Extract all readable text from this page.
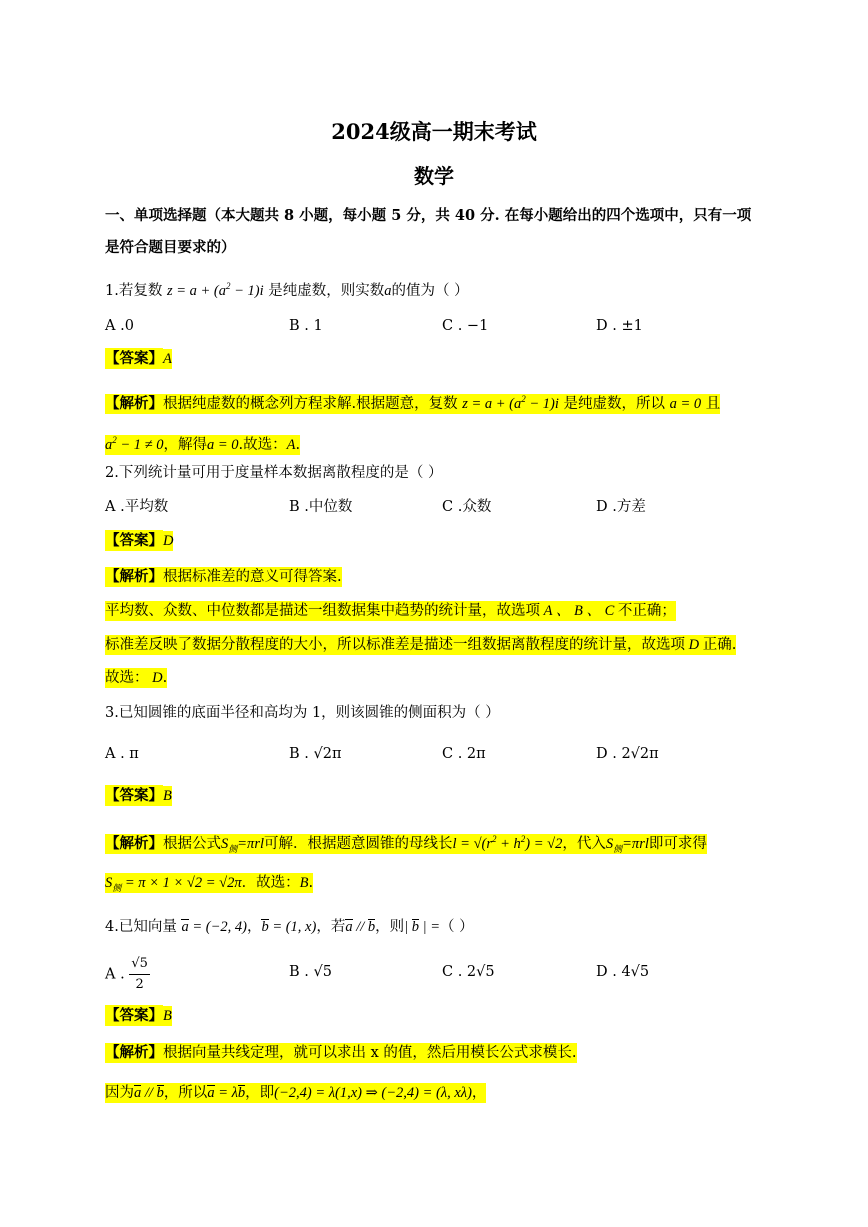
2024级高一期末考试
数学
一、单项选择题（本大题共 8 小题，每小题 5 分，共 40 分. 在每小题给出的四个选项中，只有一项
是符合题目要求的）
1.若复数 $z = a + (a^2 - 1)i$ 是纯虚数，则实数a的值为（ ）
A .0	B . 1	C . −1	D . ±1
【答案】A
【解析】根据纯虚数的概念列方程求解.根据题意，复数 $z = a + (a^2 - 1)i$ 是纯虚数，所以 a = 0 且
$a^2 - 1 \ne 0$，解得a = 0.故选：A.
2.下列统计量可用于度量样本数据离散程度的是（ ）
A .平均数	B .中位数	C .众数	D .方差
【答案】D
【解析】根据标准差的意义可得答案.
平均数、众数、中位数都是描述一组数据集中趋势的统计量，故选项 A 、 B 、 C 不正确；
标准差反映了数据分散程度的大小，所以标准差是描述一组数据离散程度的统计量，故选项 D 正确.
故选： D.
3.已知圆锥的底面半径和高均为 1，则该圆锥的侧面积为（ ）
A . π	B . √2π	C . 2π	D . 2√2π
【答案】B
【解析】根据公式$S_侧=\pi rl$可解．根据题意圆锥的母线长$l = √(r^2 + h^2) = √2$，代入$S_侧=\pi rl$即可求得
$S_侧 = \pi \times 1 \times √2 = √2\pi$．故选：B.
4.已知向量 a = (−2, 4)，b = (1, x)，若a // b，则| b | =（ ）
A . $\frac{√5}{2}$	B . √5	C . 2√5	D . 4√5
【答案】B
【解析】根据向量共线定理，就可以求出 x 的值，然后用模长公式求模长.
因为a // b，所以a = λb，即(−2,4) = λ(1,x) ⇒ (−2,4) = (λ, xλ)，
